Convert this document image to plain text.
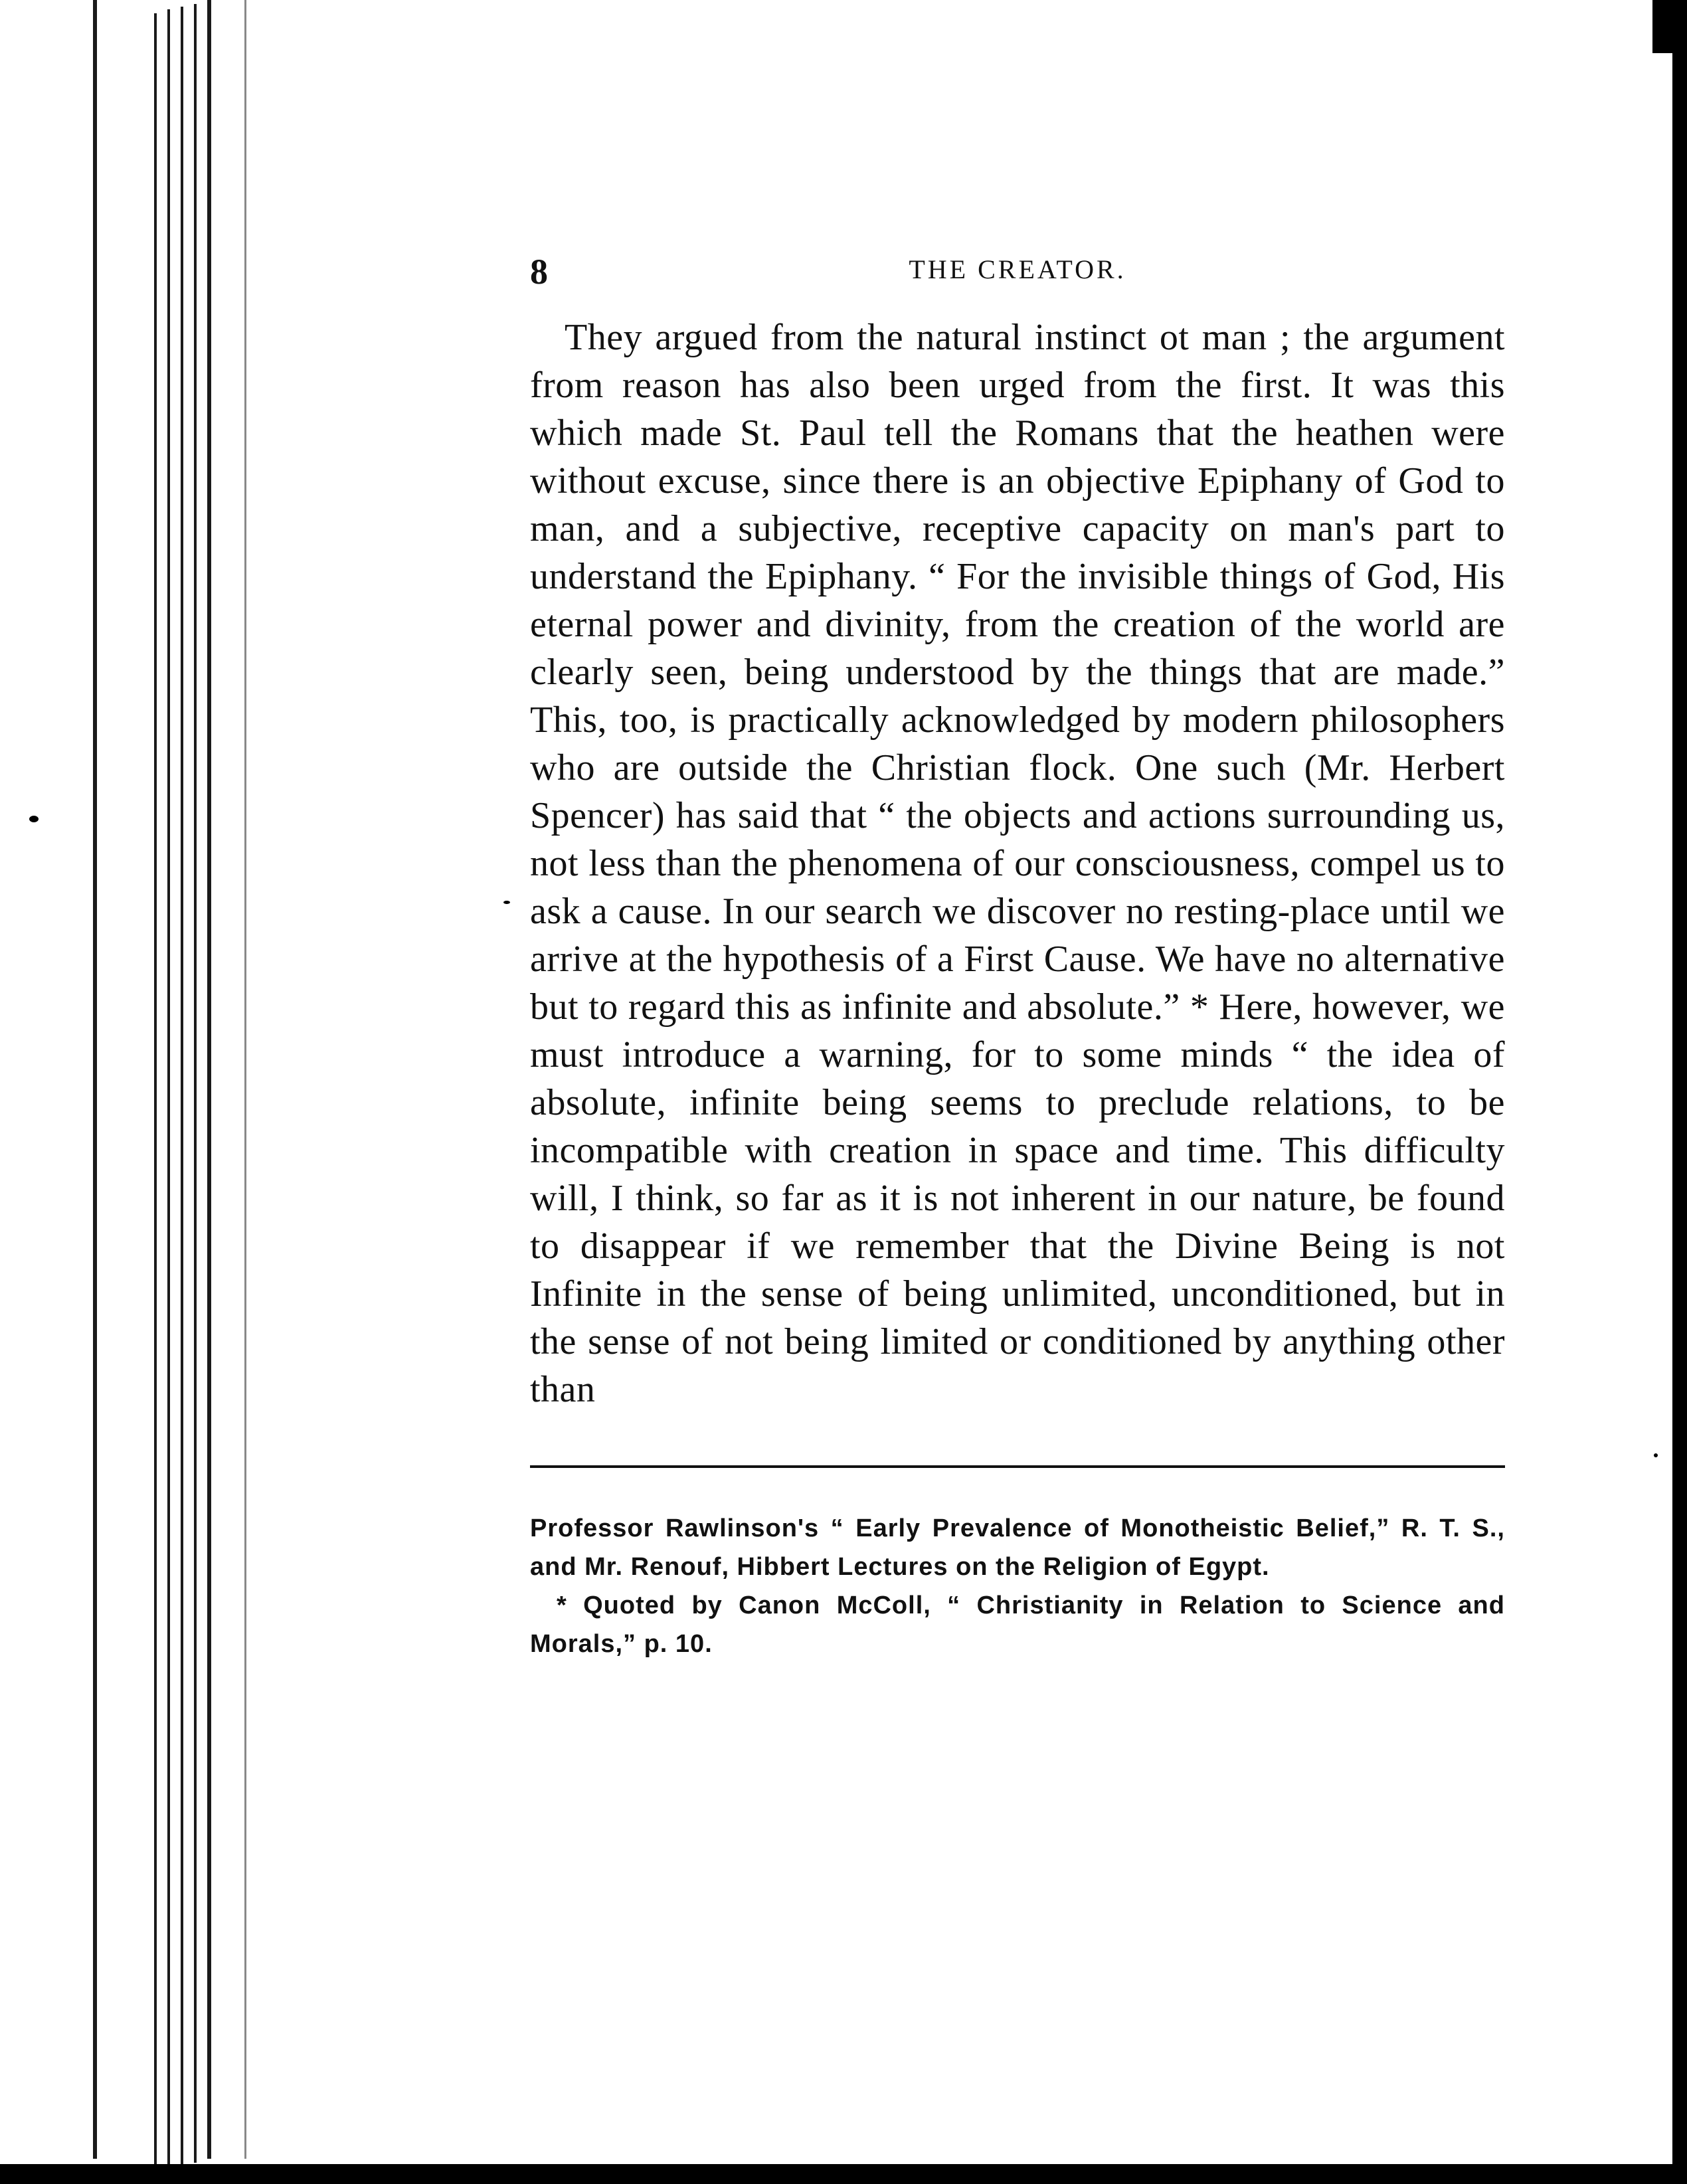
8	THE CREATOR.

They argued from the natural instinct ot man ; the argument from reason has also been urged from the first. It was this which made St. Paul tell the Romans that the heathen were without excuse, since there is an objective Epiphany of God to man, and a subjective, receptive capacity on man's part to understand the Epiphany. “ For the invisible things of God, His eternal power and divinity, from the creation of the world are clearly seen, being understood by the things that are made.” This, too, is practically acknowledged by modern philosophers who are outside the Christian flock. One such (Mr. Herbert Spencer) has said that “ the objects and actions surrounding us, not less than the phenomena of our consciousness, compel us to ask a cause. In our search we discover no resting-place until we arrive at the hypothesis of a First Cause. We have no alternative but to regard this as infinite and absolute.” * Here, however, we must introduce a warning, for to some minds “ the idea of absolute, infinite being seems to preclude relations, to be incompatible with creation in space and time. This difficulty will, I think, so far as it is not inherent in our nature, be found to disappear if we remember that the Divine Being is not Infinite in the sense of being unlimited, unconditioned, but in the sense of not being limited or conditioned by anything other than

Professor Rawlinson's “ Early Prevalence of Monotheistic Belief,” R. T. S., and Mr. Renouf, Hibbert Lectures on the Religion of Egypt.
* Quoted by Canon McColl, “ Christianity in Relation to Science and Morals,” p. 10.
